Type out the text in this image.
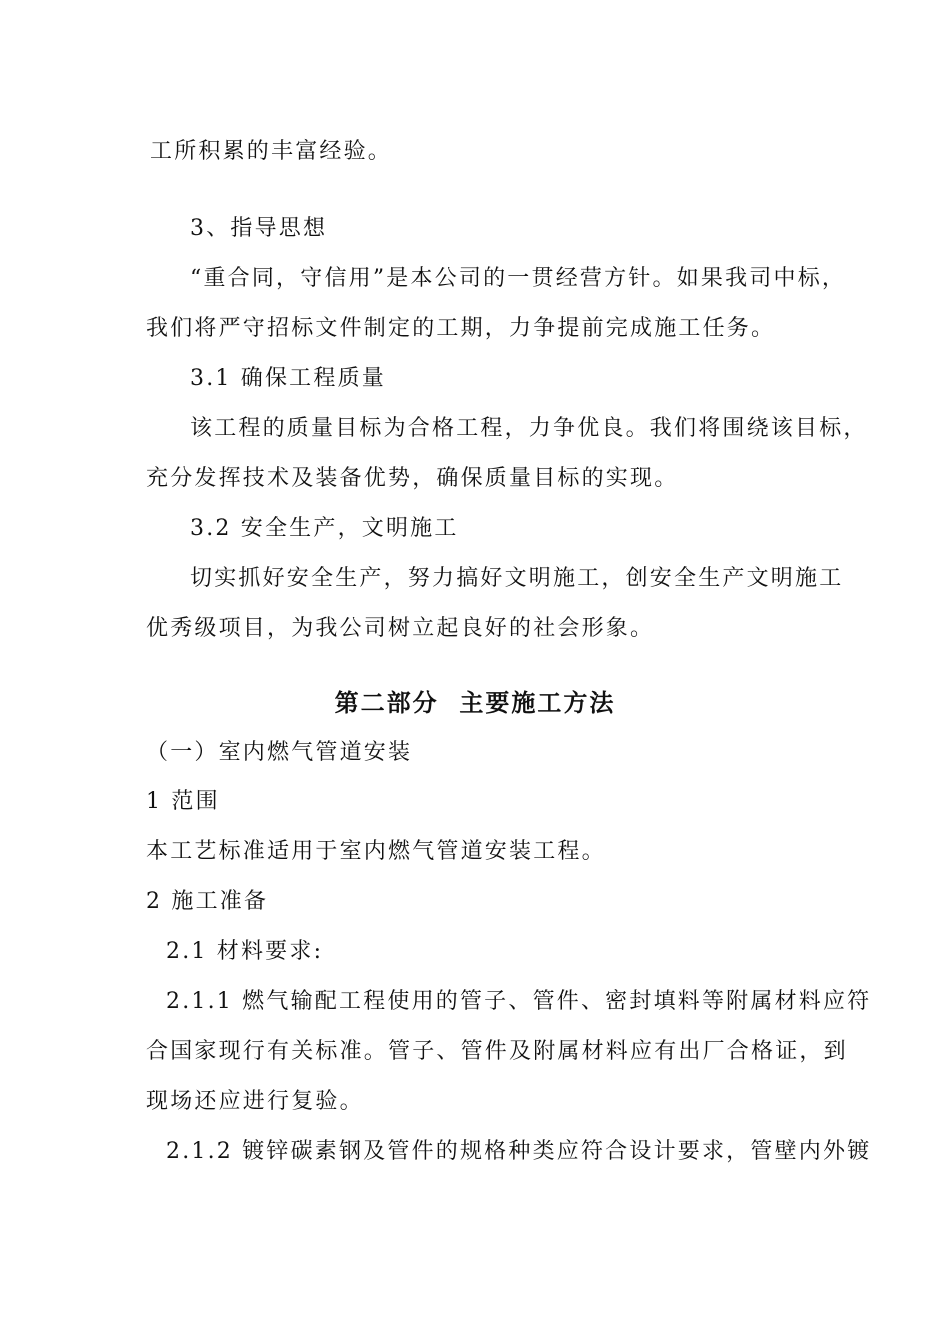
工所积累的丰富经验。
3、指导思想
“重合同，守信用”是本公司的一贯经营方针。如果我司中标，
我们将严守招标文件制定的工期，力争提前完成施工任务。
3.1 确保工程质量
该工程的质量目标为合格工程，力争优良。我们将围绕该目标，
充分发挥技术及装备优势，确保质量目标的实现。
3.2 安全生产，文明施工
切实抓好安全生产，努力搞好文明施工，创安全生产文明施工
优秀级项目，为我公司树立起良好的社会形象。
第二部分  主要施工方法
（一）室内燃气管道安装
1 范围
本工艺标准适用于室内燃气管道安装工程。
2 施工准备
2.1 材料要求:
2.1.1 燃气输配工程使用的管子、管件、密封填料等附属材料应符
合国家现行有关标准。管子、管件及附属材料应有出厂合格证，到
现场还应进行复验。
2.1.2 镀锌碳素钢及管件的规格种类应符合设计要求，管壁内外镀
